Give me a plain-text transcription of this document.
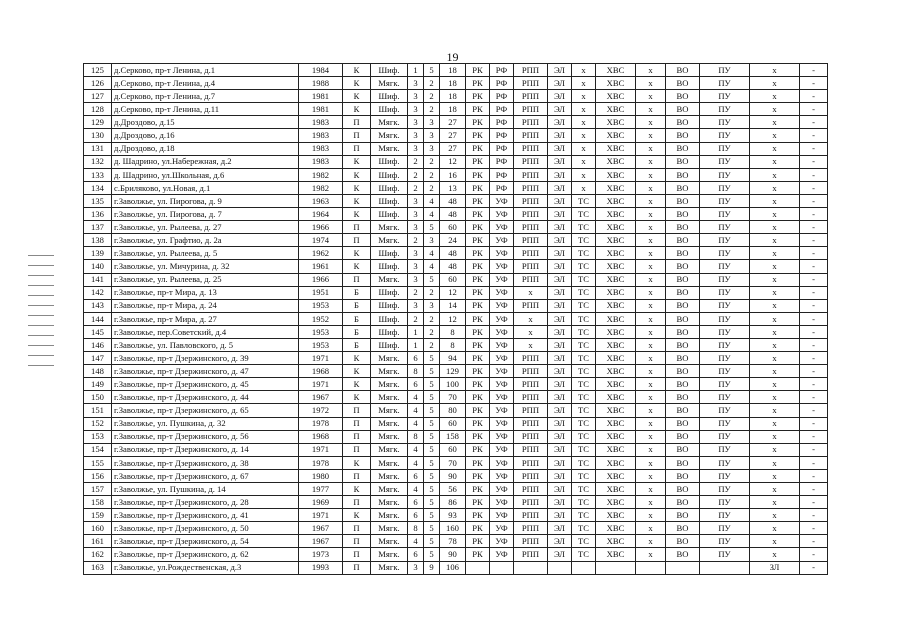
19
125	д.Серково, пр-т Ленина, д.1	1984	К	Шиф.	1	5	18	РК	РФ	РПП	ЭЛ	х	ХВС	х	ВО	ПУ	х	-
126	д.Серково, пр-т Ленина, д.4	1988	К	Мягк.	3	2	18	РК	РФ	РПП	ЭЛ	х	ХВС	х	ВО	ПУ	х	-
127	д.Серково, пр-т Ленина, д.7	1981	К	Шиф.	3	2	18	РК	РФ	РПП	ЭЛ	х	ХВС	х	ВО	ПУ	х	-
128	д.Серково, пр-т Ленина, д.11	1981	К	Шиф.	3	2	18	РК	РФ	РПП	ЭЛ	х	ХВС	х	ВО	ПУ	х	-
129	д.Дроздово, д.15	1983	П	Мягк.	3	3	27	РК	РФ	РПП	ЭЛ	х	ХВС	х	ВО	ПУ	х	-
130	д.Дроздово, д.16	1983	П	Мягк.	3	3	27	РК	РФ	РПП	ЭЛ	х	ХВС	х	ВО	ПУ	х	-
131	д.Дроздово, д.18	1983	П	Мягк.	3	3	27	РК	РФ	РПП	ЭЛ	х	ХВС	х	ВО	ПУ	х	-
132	д. Шадрино, ул.Набережная, д.2	1983	К	Шиф.	2	2	12	РК	РФ	РПП	ЭЛ	х	ХВС	х	ВО	ПУ	х	-
133	д. Шадрино, ул.Школьная, д.6	1982	К	Шиф.	2	2	16	РК	РФ	РПП	ЭЛ	х	ХВС	х	ВО	ПУ	х	-
134	с.Бриляково, ул.Новая, д.1	1982	К	Шиф.	2	2	13	РК	РФ	РПП	ЭЛ	х	ХВС	х	ВО	ПУ	х	-
135	г.Заволжье, ул. Пирогова, д. 9	1963	К	Шиф.	3	4	48	РК	УФ	РПП	ЭЛ	ТС	ХВС	х	ВО	ПУ	х	-
136	г.Заволжье, ул. Пирогова, д. 7	1964	К	Шиф.	3	4	48	РК	УФ	РПП	ЭЛ	ТС	ХВС	х	ВО	ПУ	х	-
137	г.Заволжье, ул. Рылеева, д. 27	1966	П	Мягк.	3	5	60	РК	УФ	РПП	ЭЛ	ТС	ХВС	х	ВО	ПУ	х	-
138	г.Заволжье, ул. Графтио, д. 2а	1974	П	Мягк.	2	3	24	РК	УФ	РПП	ЭЛ	ТС	ХВС	х	ВО	ПУ	х	-
139	г.Заволжье, ул. Рылеева, д. 5	1962	К	Шиф.	3	4	48	РК	УФ	РПП	ЭЛ	ТС	ХВС	х	ВО	ПУ	х	-
140	г.Заволжье, ул. Мичурина, д. 32	1961	К	Шиф.	3	4	48	РК	УФ	РПП	ЭЛ	ТС	ХВС	х	ВО	ПУ	х	-
141	г.Заволжье, ул. Рылеева, д. 25	1966	П	Мягк.	3	5	60	РК	УФ	РПП	ЭЛ	ТС	ХВС	х	ВО	ПУ	х	-
142	г.Заволжье, пр-т Мира, д. 13	1951	Б	Шиф.	2	2	12	РК	УФ	х	ЭЛ	ТС	ХВС	х	ВО	ПУ	х	-
143	г.Заволжье, пр-т Мира, д. 24	1953	Б	Шиф.	3	3	14	РК	УФ	РПП	ЭЛ	ТС	ХВС	х	ВО	ПУ	х	-
144	г.Заволжье, пр-т Мира, д. 27	1952	Б	Шиф.	2	2	12	РК	УФ	х	ЭЛ	ТС	ХВС	х	ВО	ПУ	х	-
145	г.Заволжье, пер.Советский, д.4	1953	Б	Шиф.	1	2	8	РК	УФ	х	ЭЛ	ТС	ХВС	х	ВО	ПУ	х	-
146	г.Заволжье, ул. Павловского, д. 5	1953	Б	Шиф.	1	2	8	РК	УФ	х	ЭЛ	ТС	ХВС	х	ВО	ПУ	х	-
147	г.Заволжье, пр-т Дзержинского, д. 39	1971	К	Мягк.	6	5	94	РК	УФ	РПП	ЭЛ	ТС	ХВС	х	ВО	ПУ	х	-
148	г.Заволжье, пр-т Дзержинского, д. 47	1968	К	Мягк.	8	5	129	РК	УФ	РПП	ЭЛ	ТС	ХВС	х	ВО	ПУ	х	-
149	г.Заволжье, пр-т Дзержинского, д. 45	1971	К	Мягк.	6	5	100	РК	УФ	РПП	ЭЛ	ТС	ХВС	х	ВО	ПУ	х	-
150	г.Заволжье, пр-т Дзержинского, д. 44	1967	К	Мягк.	4	5	70	РК	УФ	РПП	ЭЛ	ТС	ХВС	х	ВО	ПУ	х	-
151	г.Заволжье, пр-т Дзержинского, д. 65	1972	П	Мягк.	4	5	80	РК	УФ	РПП	ЭЛ	ТС	ХВС	х	ВО	ПУ	х	-
152	г.Заволжье, ул. Пушкина, д. 32	1978	П	Мягк.	4	5	60	РК	УФ	РПП	ЭЛ	ТС	ХВС	х	ВО	ПУ	х	-
153	г.Заволжье, пр-т Дзержинского, д. 56	1968	П	Мягк.	8	5	158	РК	УФ	РПП	ЭЛ	ТС	ХВС	х	ВО	ПУ	х	-
154	г.Заволжье, пр-т Дзержинского, д. 14	1971	П	Мягк.	4	5	60	РК	УФ	РПП	ЭЛ	ТС	ХВС	х	ВО	ПУ	х	-
155	г.Заволжье, пр-т Дзержинского, д. 38	1978	К	Мягк.	4	5	70	РК	УФ	РПП	ЭЛ	ТС	ХВС	х	ВО	ПУ	х	-
156	г.Заволжье, пр-т Дзержинского, д. 67	1980	П	Мягк.	6	5	90	РК	УФ	РПП	ЭЛ	ТС	ХВС	х	ВО	ПУ	х	-
157	г.Заволжье, ул. Пушкина, д. 14	1977	К	Мягк.	4	5	56	РК	УФ	РПП	ЭЛ	ТС	ХВС	х	ВО	ПУ	х	-
158	г.Заволжье, пр-т Дзержинского, д. 28	1969	П	Мягк.	6	5	86	РК	УФ	РПП	ЭЛ	ТС	ХВС	х	ВО	ПУ	х	-
159	г.Заволжье, пр-т Дзержинского, д. 41	1971	К	Мягк.	6	5	93	РК	УФ	РПП	ЭЛ	ТС	ХВС	х	ВО	ПУ	х	-
160	г.Заволжье, пр-т Дзержинского, д. 50	1967	П	Мягк.	8	5	160	РК	УФ	РПП	ЭЛ	ТС	ХВС	х	ВО	ПУ	х	-
161	г.Заволжье, пр-т Дзержинского, д. 54	1967	П	Мягк.	4	5	78	РК	УФ	РПП	ЭЛ	ТС	ХВС	х	ВО	ПУ	х	-
162	г.Заволжье, пр-т Дзержинского, д. 62	1973	П	Мягк.	6	5	90	РК	УФ	РПП	ЭЛ	ТС	ХВС	х	ВО	ПУ	х	-
163	г.Заволжье, ул.Рождественская, д.3	1993	П	Мягк.	3	9	106										ЗЛ	-
